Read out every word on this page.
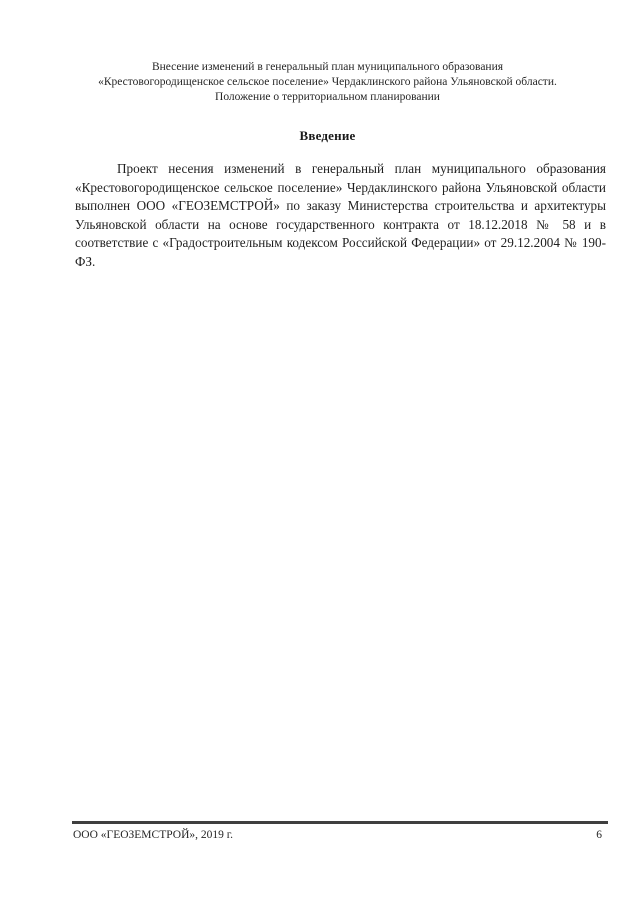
Внесение изменений в генеральный план муниципального образования
«Крестовогородищенское сельское поселение» Чердаклинского района Ульяновской области.
Положение о территориальном планировании
Введение

Проект несения изменений в генеральный план муниципального образования «Крестовогородищенское сельское поселение» Чердаклинского района Ульяновской области выполнен ООО «ГЕОЗЕМСТРОЙ» по заказу Министерства строительства и архитектуры Ульяновской области на основе государственного контракта от 18.12.2018 № 58 и в соответствие с «Градостроительным кодексом Российской Федерации» от 29.12.2004 № 190-ФЗ.

ООО «ГЕОЗЕМСТРОЙ», 2019 г.	6
